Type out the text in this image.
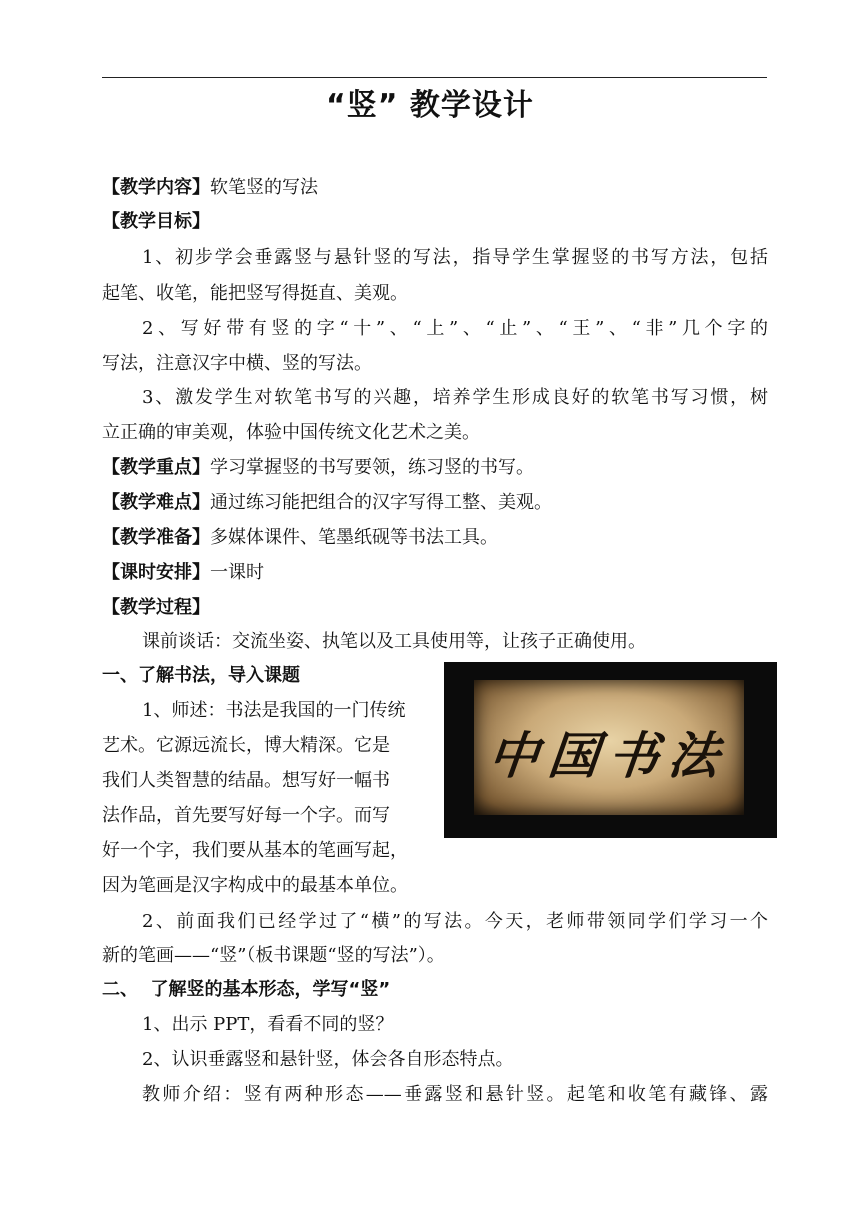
“竖” 教学设计
【教学内容】软笔竖的写法
【教学目标】
1、初步学会垂露竖与悬针竖的写法，指导学生掌握竖的书写方法，包括
起笔、收笔，能把竖写得挺直、美观。
2、写好带有竖的字“十”、“上”、“止”、“王”、“非”几个字的
写法，注意汉字中横、竖的写法。
3、激发学生对软笔书写的兴趣，培养学生形成良好的软笔书写习惯，树
立正确的审美观，体验中国传统文化艺术之美。
【教学重点】学习掌握竖的书写要领，练习竖的书写。
【教学难点】通过练习能把组合的汉字写得工整、美观。
【教学准备】多媒体课件、笔墨纸砚等书法工具。
【课时安排】一课时
【教学过程】
课前谈话：交流坐姿、执笔以及工具使用等，让孩子正确使用。
一、了解书法，导入课题
1、师述：书法是我国的一门传统
艺术。它源远流长，博大精深。它是
我们人类智慧的结晶。想写好一幅书
法作品，首先要写好每一个字。而写
好一个字，我们要从基本的笔画写起，
因为笔画是汉字构成中的最基本单位。
中国书法
2、前面我们已经学过了“横”的写法。今天，老师带领同学们学习一个
新的笔画——“竖”（板书课题“竖的写法”）。
二、  了解竖的基本形态，学写“竖”
1、出示 PPT，看看不同的竖？
2、认识垂露竖和悬针竖，体会各自形态特点。
教师介绍：竖有两种形态——垂露竖和悬针竖。起笔和收笔有藏锋、露
